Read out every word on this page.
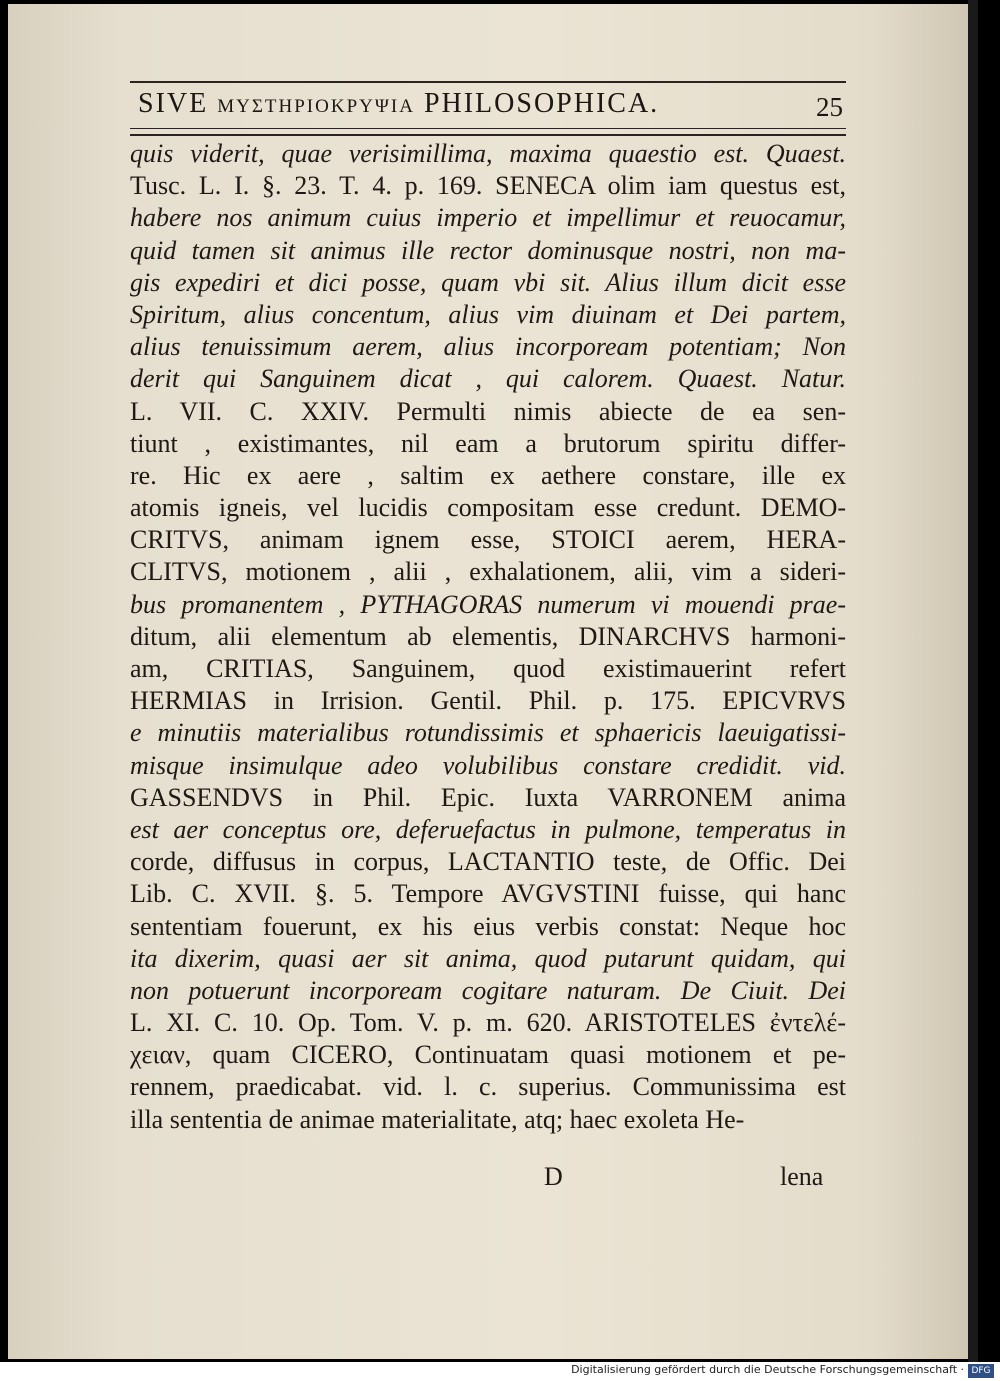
SIVE ΜΥΣΤΗΡΙΟΚΡΥΨΙΑ PHILOSOPHICA.	25
quis viderit, quae verisimillima, maxima quaestio est. Quaest.
Tusc. L. I. §. 23. T. 4. p. 169. SENECA olim iam questus est,
habere nos animum cuius imperio et impellimur et reuocamur,
quid tamen sit animus ille rector dominusque nostri, non ma-
gis expediri et dici posse, quam vbi sit. Alius illum dicit esse
Spiritum, alius concentum, alius vim diuinam et Dei partem,
alius tenuissimum aerem, alius incorpoream potentiam; Non
derit qui Sanguinem dicat , qui calorem. Quaest. Natur.
L. VII. C. XXIV. Permulti nimis abiecte de ea sen-
tiunt , existimantes, nil eam a brutorum spiritu differ-
re. Hic ex aere , saltim ex aethere constare, ille ex
atomis igneis, vel lucidis compositam esse credunt. DEMO-
CRITVS, animam ignem esse, STOICI aerem, HERA-
CLITVS, motionem , alii , exhalationem, alii, vim a sideri-
bus promanentem , PYTHAGORAS numerum vi mouendi prae-
ditum, alii elementum ab elementis, DINARCHVS harmoni-
am, CRITIAS, Sanguinem, quod existimauerint refert
HERMIAS in Irrision. Gentil. Phil. p. 175. EPICVRVS
e minutiis materialibus rotundissimis et sphaericis laeuigatissi-
misque insimulque adeo volubilibus constare credidit. vid.
GASSENDVS in Phil. Epic. Iuxta VARRONEM anima
est aer conceptus ore, deferuefactus in pulmone, temperatus in
corde, diffusus in corpus, LACTANTIO teste, de Offic. Dei
Lib. C. XVII. §. 5. Tempore AVGVSTINI fuisse, qui hanc
sententiam fouerunt, ex his eius verbis constat: Neque hoc
ita dixerim, quasi aer sit anima, quod putarunt quidam, qui
non potuerunt incorpoream cogitare naturam. De Ciuit. Dei
L. XI. C. 10. Op. Tom. V. p. m. 620. ARISTOTELES ἐντελέ-
χειαν, quam CICERO, Continuatam quasi motionem et pe-
rennem, praedicabat. vid. l. c. superius. Communissima est
illa sententia de animae materialitate, atq; haec exoleta He-
D	lena
Digitalisierung gefördert durch die Deutsche Forschungsgemeinschaft · DFG
